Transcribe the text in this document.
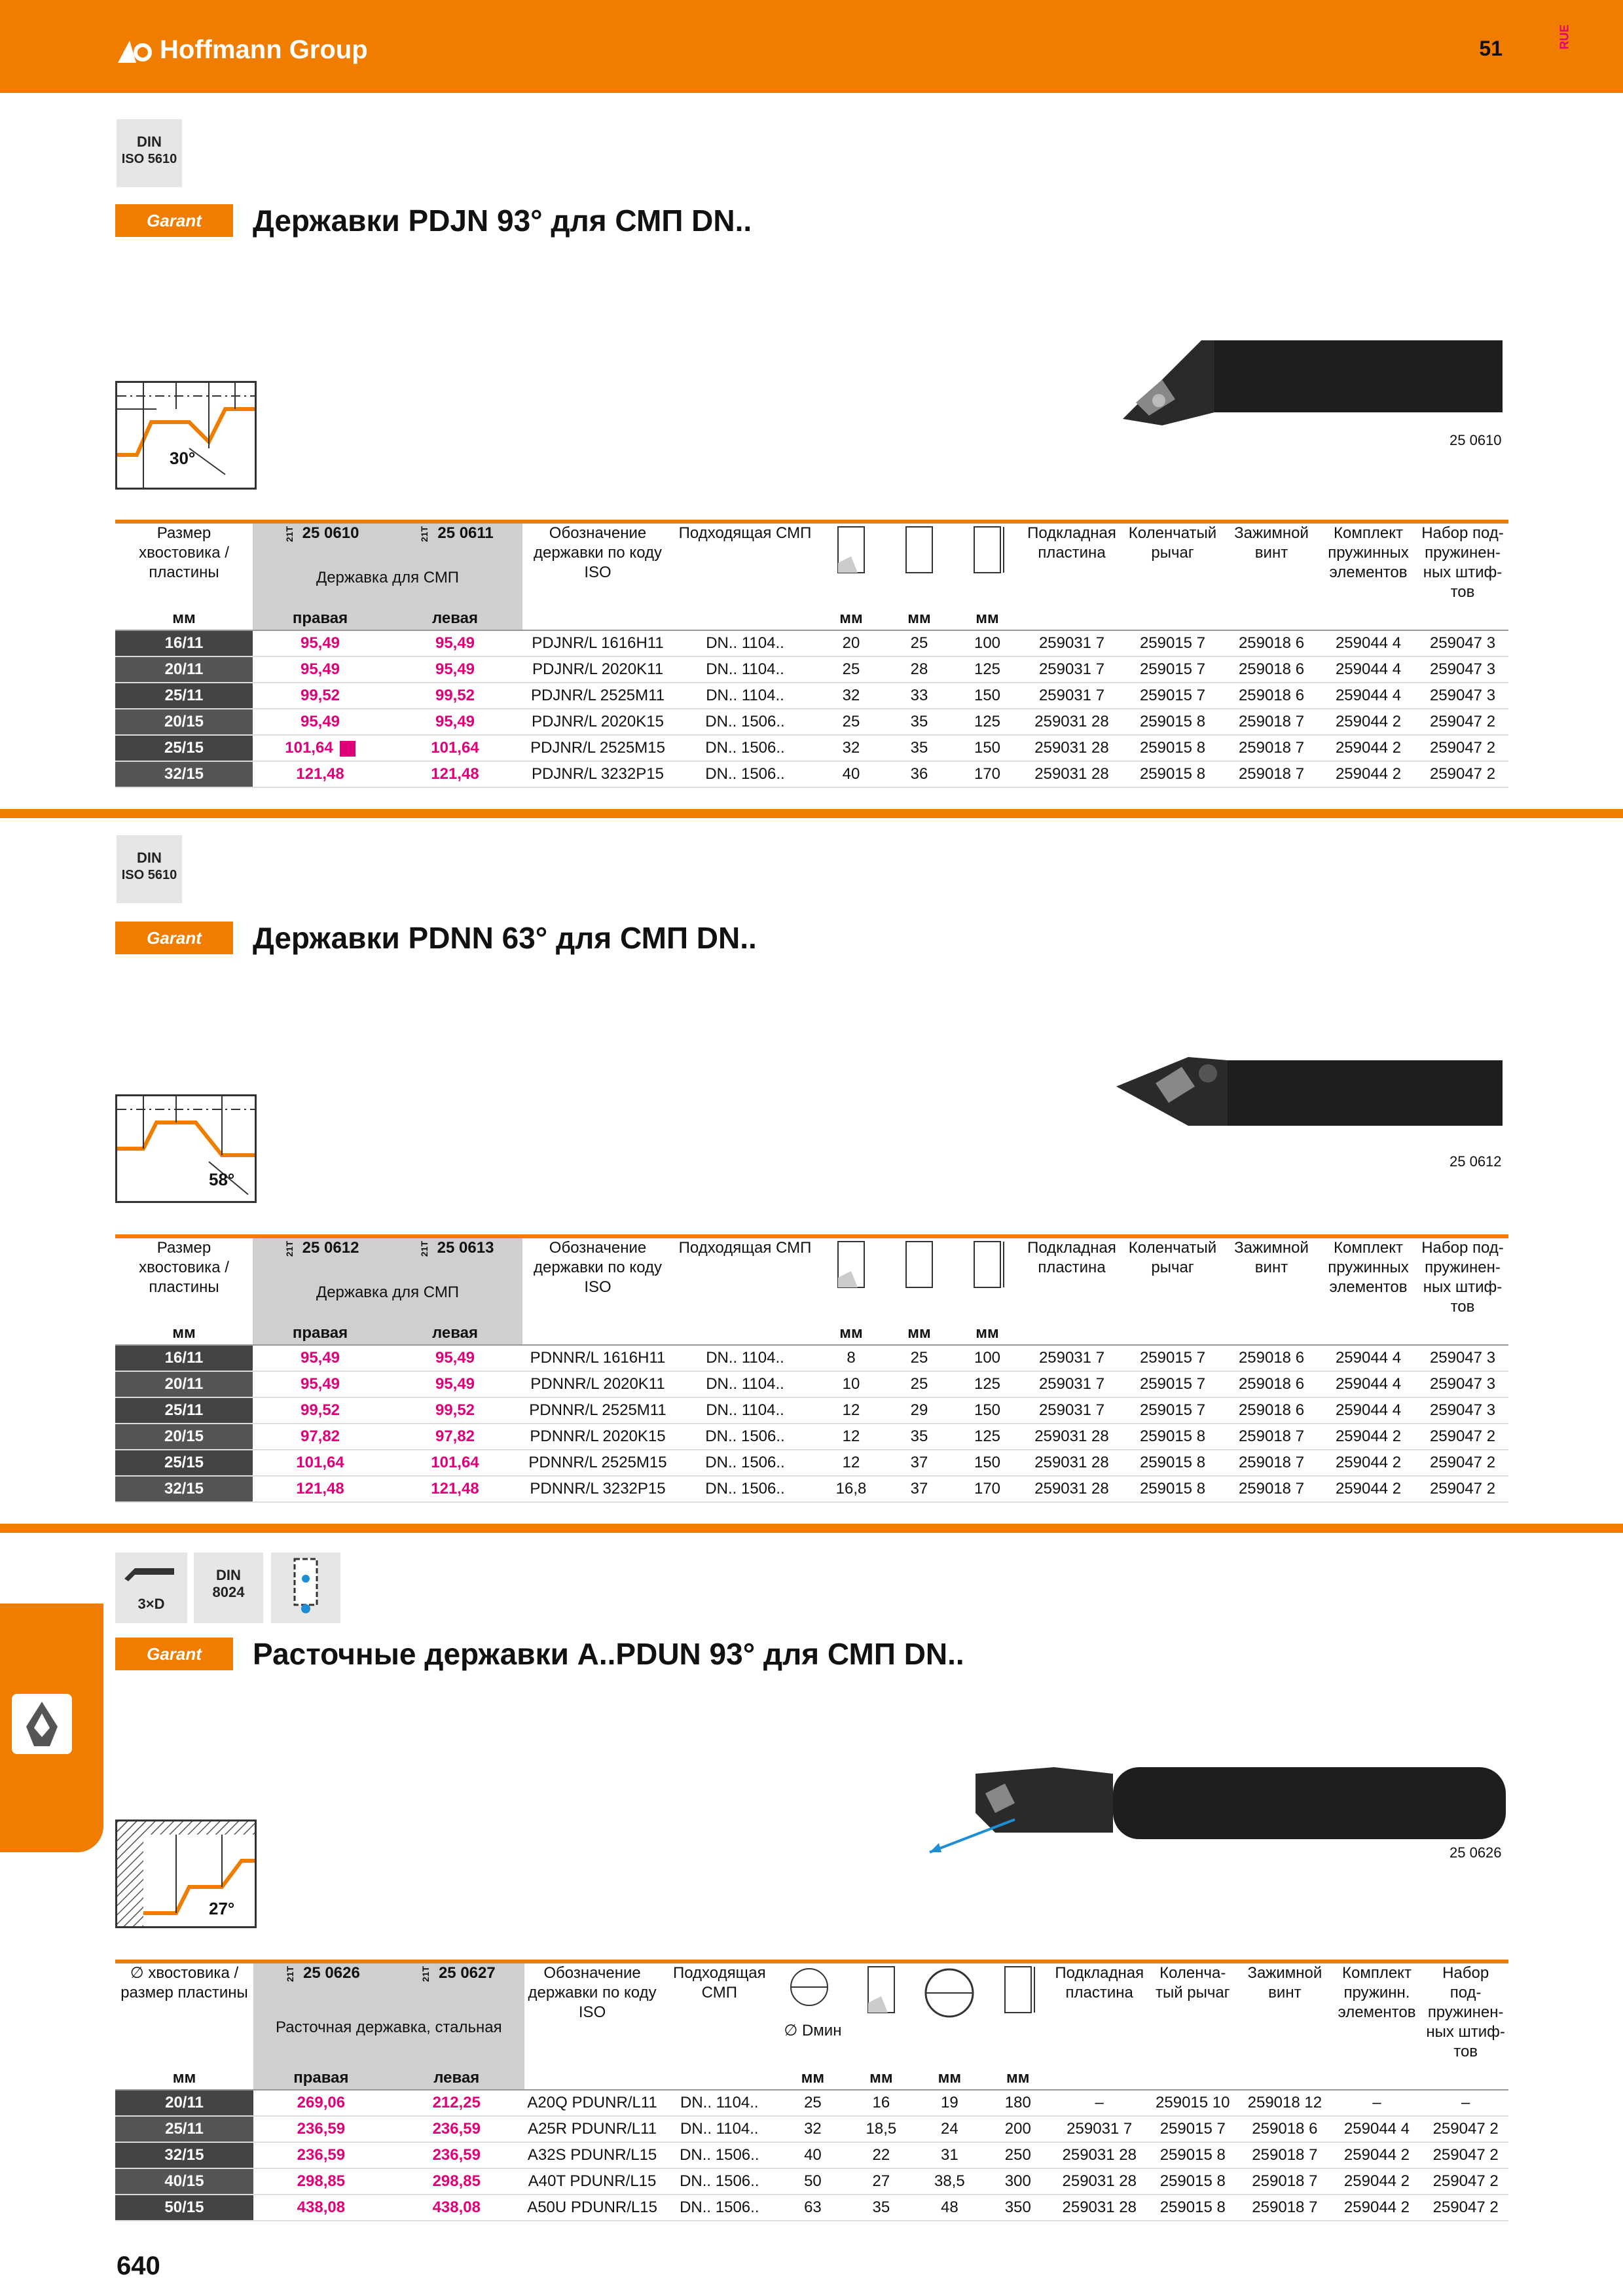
Hoffmann Group	51	RUE
DIN
ISO 5610
Garant Державки PDJN 93° для СМП DN..
30°
25 0610
Размер хвостовика / пластины	21T 25 0610	21T 25 0611	Обозначение державки по коду ISO	Подходящая СМП				Подкладная пластина	Коленчатый рычаг	Зажимной винт	Комплект пружинных элементов	Набор под-пружинен-ных штиф-тов
	Державка для СМП											
мм	правая	левая			мм	мм	мм					
16/11	95,49	95,49	PDJNR/L 1616H11	DN.. 1104..	20	25	100	259031 7	259015 7	259018 6	259044 4	259047 3
20/11	95,49	95,49	PDJNR/L 2020K11	DN.. 1104..	25	28	125	259031 7	259015 7	259018 6	259044 4	259047 3
25/11	99,52	99,52	PDJNR/L 2525M11	DN.. 1104..	32	33	150	259031 7	259015 7	259018 6	259044 4	259047 3
20/15	95,49	95,49	PDJNR/L 2020K15	DN.. 1506..	25	35	125	259031 28	259015 8	259018 7	259044 2	259047 2
25/15	101,64	101,64	PDJNR/L 2525M15	DN.. 1506..	32	35	150	259031 28	259015 8	259018 7	259044 2	259047 2
32/15	121,48	121,48	PDJNR/L 3232P15	DN.. 1506..	40	36	170	259031 28	259015 8	259018 7	259044 2	259047 2
DIN
ISO 5610
Garant Державки PDNN 63° для СМП DN..
58°
25 0612
Размер хвостовика / пластины	21T 25 0612	21T 25 0613	Обозначение державки по коду ISO	Подходящая СМП				Подкладная пластина	Коленчатый рычаг	Зажимной винт	Комплект пружинных элементов	Набор под-пружинен-ных штиф-тов
	Державка для СМП											
мм	правая	левая			мм	мм	мм					
16/11	95,49	95,49	PDNNR/L 1616H11	DN.. 1104..	8	25	100	259031 7	259015 7	259018 6	259044 4	259047 3
20/11	95,49	95,49	PDNNR/L 2020K11	DN.. 1104..	10	25	125	259031 7	259015 7	259018 6	259044 4	259047 3
25/11	99,52	99,52	PDNNR/L 2525M11	DN.. 1104..	12	29	150	259031 7	259015 7	259018 6	259044 4	259047 3
20/15	97,82	97,82	PDNNR/L 2020K15	DN.. 1506..	12	35	125	259031 28	259015 8	259018 7	259044 2	259047 2
25/15	101,64	101,64	PDNNR/L 2525M15	DN.. 1506..	12	37	150	259031 28	259015 8	259018 7	259044 2	259047 2
32/15	121,48	121,48	PDNNR/L 3232P15	DN.. 1506..	16,8	37	170	259031 28	259015 8	259018 7	259044 2	259047 2
3×D
DIN
8024
Garant Расточные державки A..PDUN 93° для СМП DN..
27°
25 0626
∅ хвостовика / размер пластины	21T 25 0626	21T 25 0627	Обозначение державки по коду ISO	Подходящая СМП	∅ Dмин				Подкладная пластина	Коленча-тый рычаг	Зажимной винт	Комплект пружинн. элементов	Набор под-пружинен-ных штиф-тов
	Расточная державка, стальная												
мм	правая	левая			мм	мм	мм	мм					
20/11	269,06	212,25	A20Q PDUNR/L11	DN.. 1104..	25	16	19	180	–	259015 10	259018 12	–	–
25/11	236,59	236,59	A25R PDUNR/L11	DN.. 1104..	32	18,5	24	200	259031 7	259015 7	259018 6	259044 4	259047 2
32/15	236,59	236,59	A32S PDUNR/L15	DN.. 1506..	40	22	31	250	259031 28	259015 8	259018 7	259044 2	259047 2
40/15	298,85	298,85	A40T PDUNR/L15	DN.. 1506..	50	27	38,5	300	259031 28	259015 8	259018 7	259044 2	259047 2
50/15	438,08	438,08	A50U PDUNR/L15	DN.. 1506..	63	35	48	350	259031 28	259015 8	259018 7	259044 2	259047 2
640
